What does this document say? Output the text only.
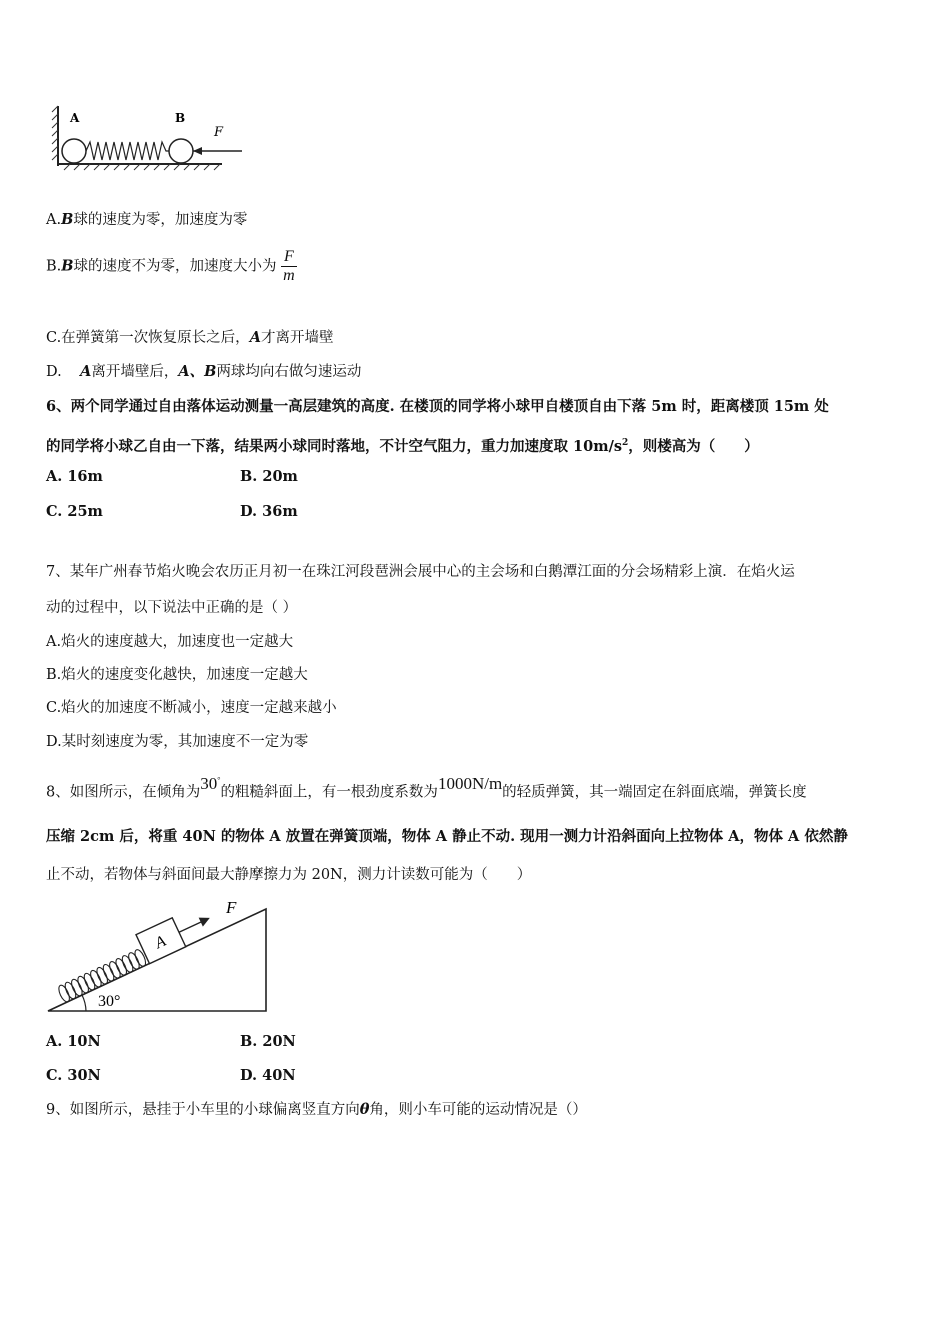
A	B
F
A.B球的速度为零，加速度为零
B.B球的速度不为零，加速度大小为 $\frac{F}{m}$
C.在弹簧第一次恢复原长之后，A才离开墙壁
D. A离开墙壁后，A、B两球均向右做匀速运动
6、两个同学通过自由落体运动测量一高层建筑的高度. 在楼顶的同学将小球甲自楼顶自由下落 5m 时，距离楼顶 15m 处
的同学将小球乙自由一下落，结果两小球同时落地，不计空气阻力，重力加速度取 $10m/s^2$，则楼高为（　　）
A. 16m	B. 20m
C. 25m	D. 36m
7、某年广州春节焰火晚会农历正月初一在珠江河段琶洲会展中心的主会场和白鹅潭江面的分会场精彩上演．在焰火运
动的过程中，以下说法中正确的是（ ）
A.焰火的速度越大，加速度也一定越大
B.焰火的速度变化越快，加速度一定越大
C.焰火的加速度不断减小，速度一定越来越小
D.某时刻速度为零，其加速度不一定为零
8、如图所示，在倾角为30°的粗糙斜面上，有一根劲度系数为1000N/m的轻质弹簧，其一端固定在斜面底端，弹簧长度
压缩 2cm 后，将重 40N 的物体 A 放置在弹簧顶端，物体 A 静止不动. 现用一测力计沿斜面向上拉物体 A，物体 A 依然静
止不动，若物体与斜面间最大静摩擦力为 20N，测力计读数可能为（　　）
A
30°
F
A. 10N	B. 20N
C. 30N	D. 40N
9、如图所示，悬挂于小车里的小球偏离竖直方向θ角，则小车可能的运动情况是（）
